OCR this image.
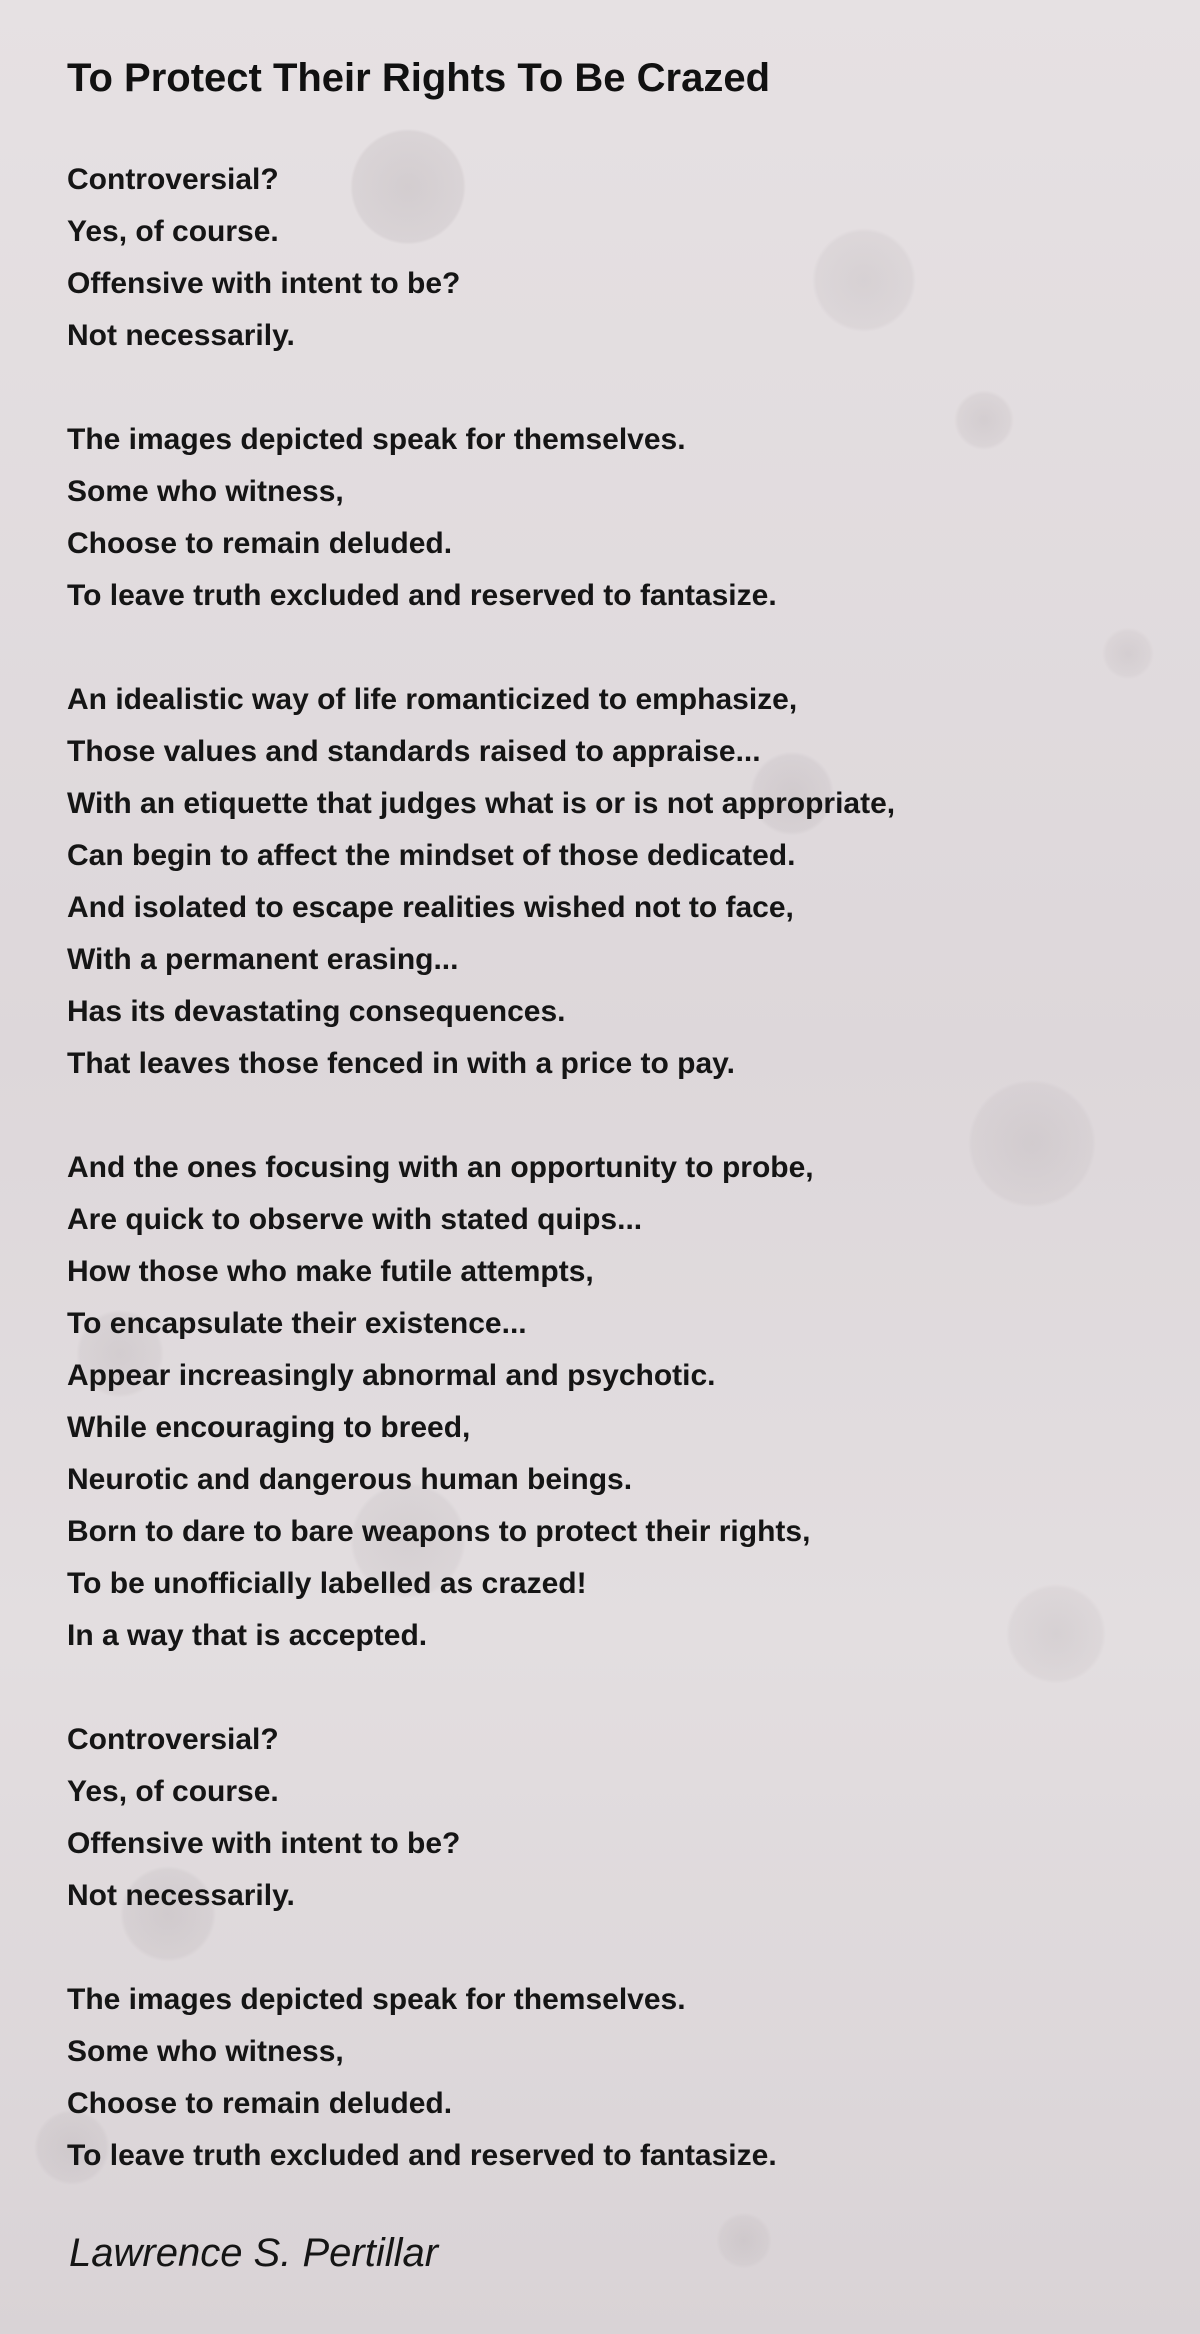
To Protect Their Rights To Be Crazed
Controversial?
Yes, of course.
Offensive with intent to be?
Not necessarily.
The images depicted speak for themselves.
Some who witness,
Choose to remain deluded.
To leave truth excluded and reserved to fantasize.
An idealistic way of life romanticized to emphasize,
Those values and standards raised to appraise...
With an etiquette that judges what is or is not appropriate,
Can begin to affect the mindset of those dedicated.
And isolated to escape realities wished not to face,
With a permanent erasing...
Has its devastating consequences.
That leaves those fenced in with a price to pay.
And the ones focusing with an opportunity to probe,
Are quick to observe with stated quips...
How those who make futile attempts,
To encapsulate their existence...
Appear increasingly abnormal and psychotic.
While encouraging to breed,
Neurotic and dangerous human beings.
Born to dare to bare weapons to protect their rights,
To be unofficially labelled as crazed!
In a way that is accepted.
Controversial?
Yes, of course.
Offensive with intent to be?
Not necessarily.
The images depicted speak for themselves.
Some who witness,
Choose to remain deluded.
To leave truth excluded and reserved to fantasize.
Lawrence S. Pertillar
